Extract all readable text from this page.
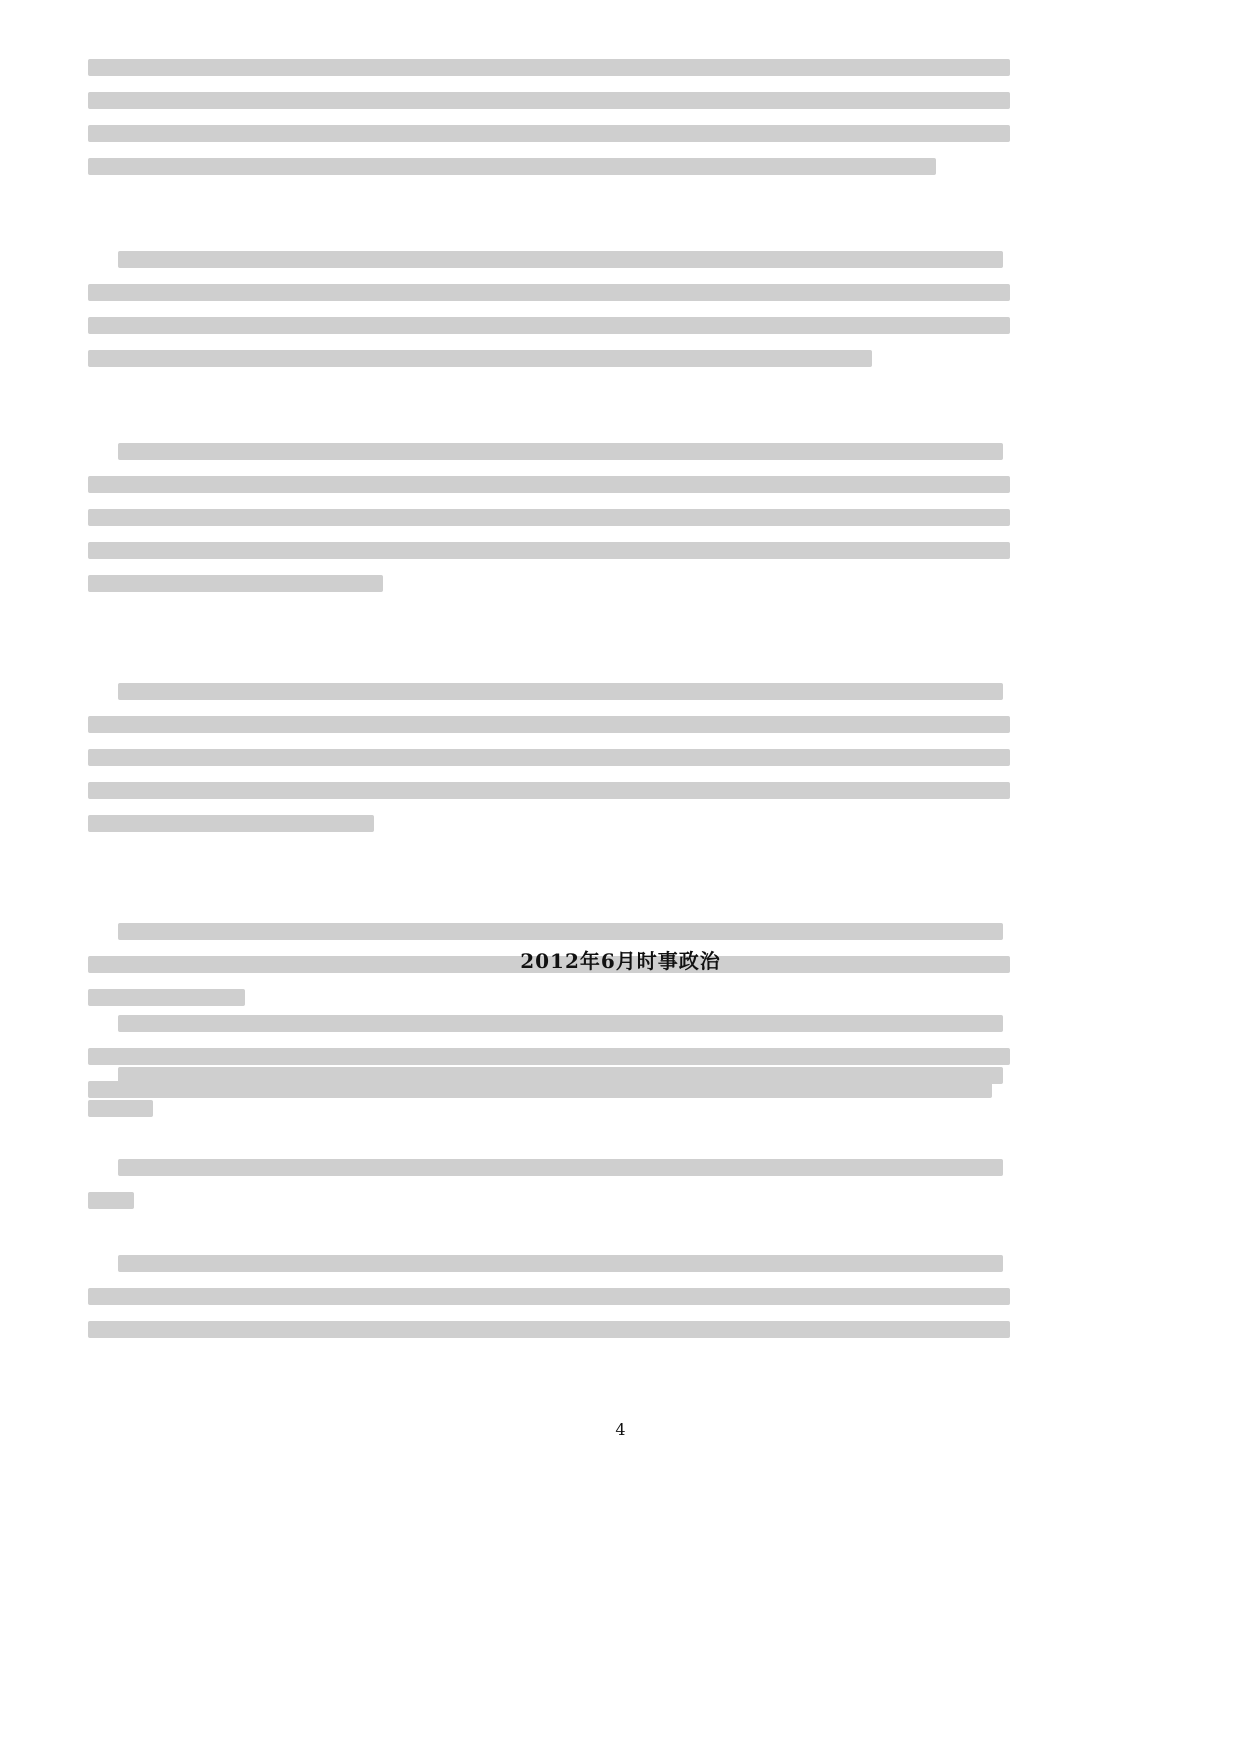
2012年6月时事政治
4
